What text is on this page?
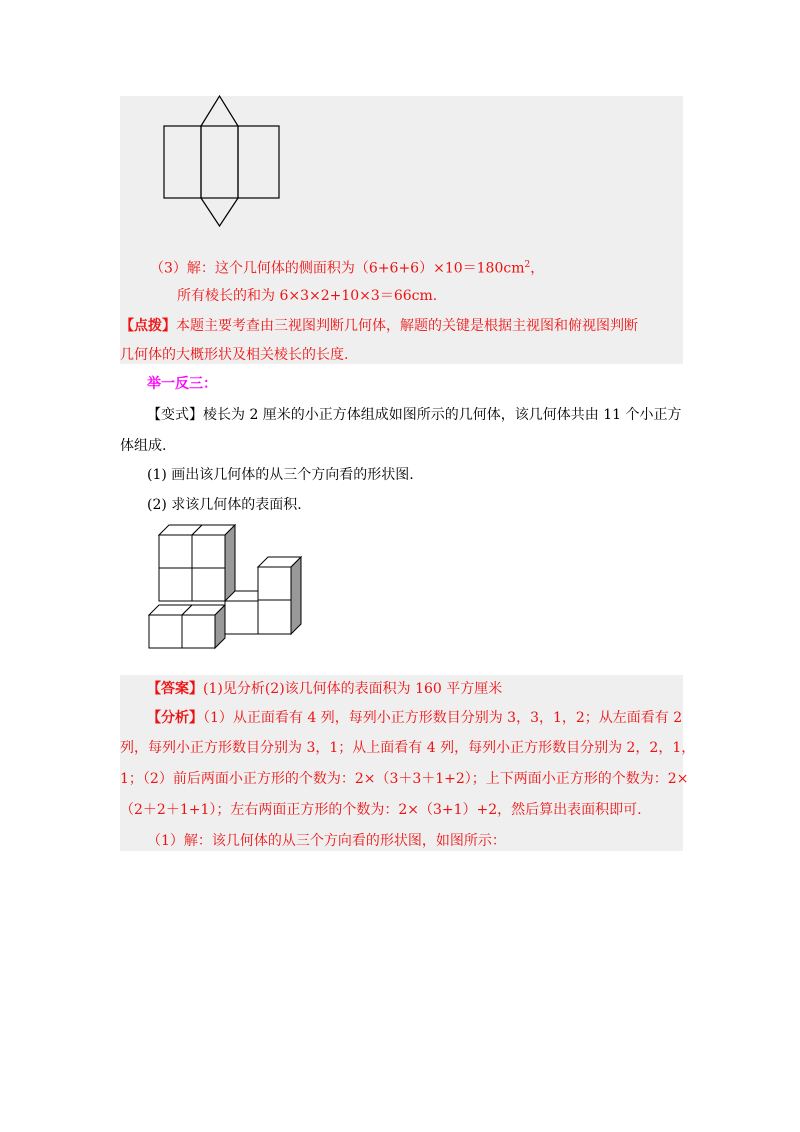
（3）解：这个几何体的侧面积为$(6+6+6)\times 10=180cm^2$，
所有棱长的和为 6×3×2+10×3＝66cm.
【点拨】本题主要考查由三视图判断几何体，解题的关键是根据主视图和俯视图判断
几何体的大概形状及相关棱长的长度.
举一反三：
【变式】棱长为 2 厘米的小正方体组成如图所示的几何体，该几何体共由 11 个小正方
体组成.
(1) 画出该几何体的从三个方向看的形状图.
(2) 求该几何体的表面积.
【答案】(1)见分析(2)该几何体的表面积为 160 平方厘米
【分析】（1）从正面看有 4 列，每列小正方形数目分别为 3，3，1，2；从左面看有 2
列，每列小正方形数目分别为 3，1；从上面看有 4 列，每列小正方形数目分别为 2，2，1，
1；（2）前后两面小正方形的个数为：2×（3＋3＋1+2）；上下两面小正方形的个数为：2×
（2＋2＋1+1）；左右两面正方形的个数为：2×（3+1）+2，然后算出表面积即可.
（1）解：该几何体的从三个方向看的形状图，如图所示：
